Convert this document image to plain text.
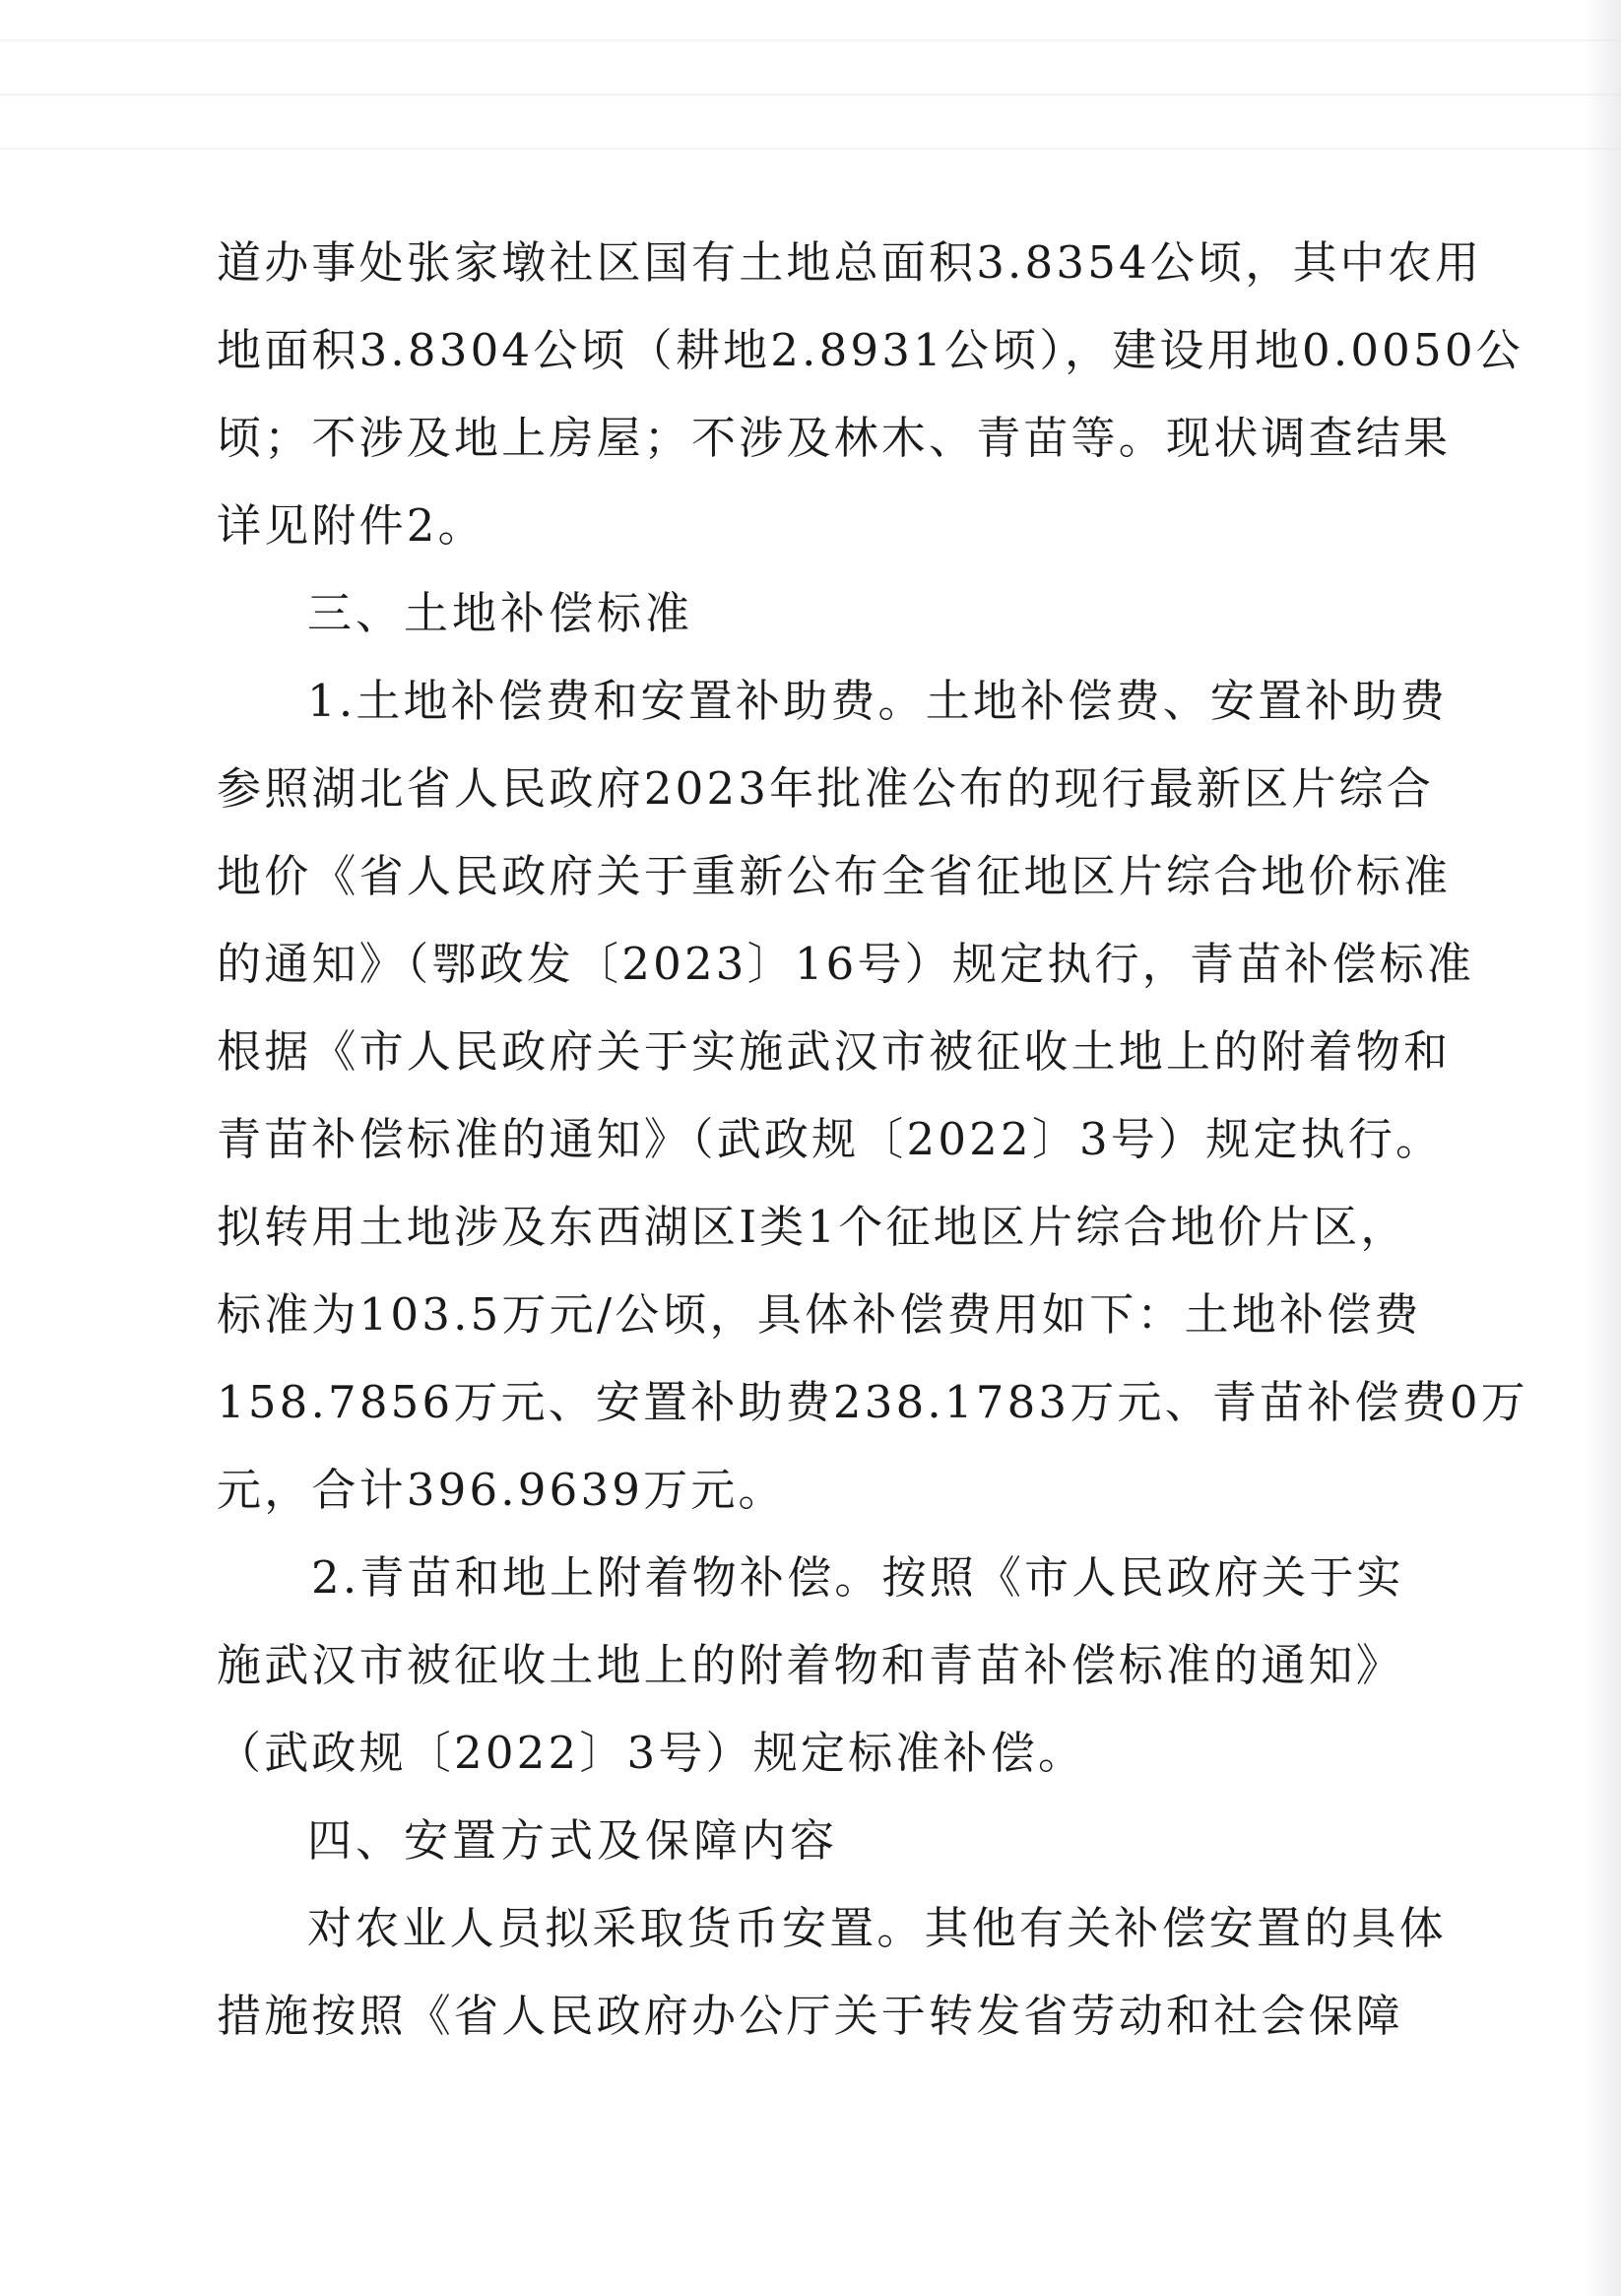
道办事处张家墩社区国有土地总面积3.8354公顷，其中农用
地面积3.8304公顷（耕地2.8931公顷），建设用地0.0050公
顷；不涉及地上房屋；不涉及林木、青苗等。现状调查结果
详见附件2。
三、土地补偿标准
1.土地补偿费和安置补助费。土地补偿费、安置补助费
参照湖北省人民政府2023年批准公布的现行最新区片综合
地价《省人民政府关于重新公布全省征地区片综合地价标准
的通知》（鄂政发〔2023〕16号）规定执行，青苗补偿标准
根据《市人民政府关于实施武汉市被征收土地上的附着物和
青苗补偿标准的通知》（武政规〔2022〕3号）规定执行。
拟转用土地涉及东西湖区Ⅰ类1个征地区片综合地价片区，
标准为103.5万元/公顷，具体补偿费用如下：土地补偿费
158.7856万元、安置补助费238.1783万元、青苗补偿费0万
元，合计396.9639万元。
2.青苗和地上附着物补偿。按照《市人民政府关于实
施武汉市被征收土地上的附着物和青苗补偿标准的通知》
（武政规〔2022〕3号）规定标准补偿。
四、安置方式及保障内容
对农业人员拟采取货币安置。其他有关补偿安置的具体
措施按照《省人民政府办公厅关于转发省劳动和社会保障
